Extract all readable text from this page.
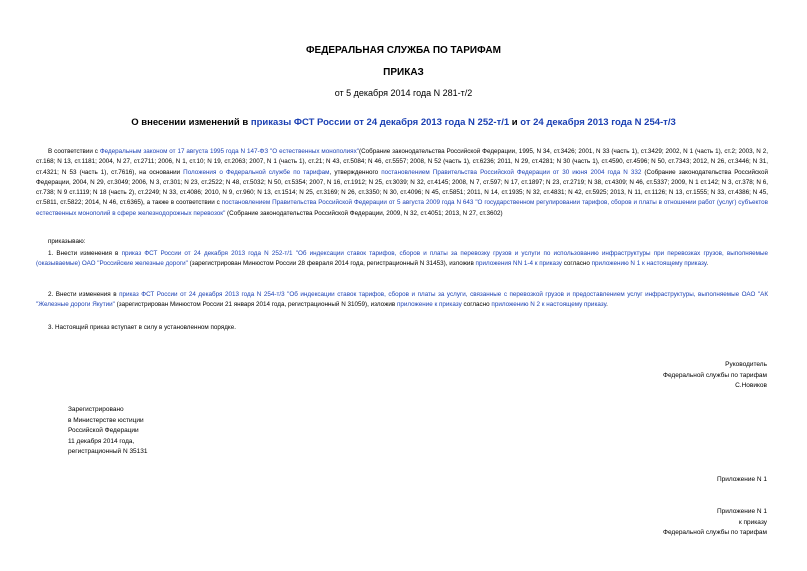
ФЕДЕРАЛЬНАЯ СЛУЖБА ПО ТАРИФАМ
ПРИКАЗ
от 5 декабря 2014 года N 281-т/2
О внесении изменений в приказы ФСТ России от 24 декабря 2013 года N 252-т/1 и от 24 декабря 2013 года N 254-т/3
В соответствии с Федеральным законом от 17 августа 1995 года N 147-ФЗ "О естественных монополиях"(Собрание законодательства Российской Федерации, 1995, N 34, ст.3426; 2001, N 33 (часть 1), ст.3429; 2002, N 1 (часть 1), ст.2; 2003, N 2, ст.168; N 13, ст.1181; 2004, N 27, ст.2711; 2006, N 1, ст.10; N 19, ст.2063; 2007, N 1 (часть 1), ст.21; N 43, ст.5084; N 46, ст.5557; 2008, N 52 (часть 1), ст.6236; 2011, N 29, ст.4281; N 30 (часть 1), ст.4590, ст.4596; N 50, ст.7343; 2012, N 26, ст.3446; N 31, ст.4321; N 53 (часть 1), ст.7616), на основании Положения о Федеральной службе по тарифам, утвержденного постановлением Правительства Российской Федерации от 30 июня 2004 года N 332 (Собрание законодательства Российской Федерации, 2004, N 29, ст.3049; 2006, N 3, ст.301; N 23, ст.2522; N 48, ст.5032; N 50, ст.5354; 2007, N 16, ст.1912; N 25, ст.3039; N 32, ст.4145; 2008, N 7, ст.597; N 17, ст.1897; N 23, ст.2719; N 38, ст.4309; N 46, ст.5337; 2009, N 1 ст.142; N 3, ст.378; N 6, ст.738; N 9 ст.1119; N 18 (часть 2), ст.2249; N 33, ст.4086; 2010, N 9, ст.960; N 13, ст.1514; N 25, ст.3169; N 26, ст.3350; N 30, ст.4096; N 45, ст.5851; 2011, N 14, ст.1935; N 32, ст.4831; N 42, ст.5925; 2013, N 11, ст.1126; N 13, ст.1555; N 33, ст.4386; N 45, ст.5811, ст.5822; 2014, N 46, ст.6365), а также в соответствии с постановлением Правительства Российской Федерации от 5 августа 2009 года N 643 "О государственном регулировании тарифов, сборов и платы в отношении работ (услуг) субъектов естественных монополий в сфере железнодорожных перевозок" (Собрание законодательства Российской Федерации, 2009, N 32, ст.4051; 2013, N 27, ст.3602)
приказываю:
1. Внести изменения в приказ ФСТ России от 24 декабря 2013 года N 252-т/1 "Об индексации ставок тарифов, сборов и платы за перевозку грузов и услуги по использованию инфраструктуры при перевозках грузов, выполняемые (оказываемые) ОАО "Российские железные дороги" (зарегистрирован Минюстом России 28 февраля 2014 года, регистрационный N 31453), изложив приложения NN 1-4 к приказу согласно приложению N 1 к настоящему приказу.
2. Внести изменения в приказ ФСТ России от 24 декабря 2013 года N 254-т/3 "Об индексации ставок тарифов, сборов и платы за услуги, связанные с перевозкой грузов и предоставлением услуг инфраструктуры, выполняемые ОАО "АК "Железные дороги Якутии" (зарегистрирован Минюстом России 21 января 2014 года, регистрационный N 31059), изложив приложение к приказу согласно приложению N 2 к настоящему приказу.
3. Настоящий приказ вступает в силу в установленном порядке.
Руководитель
Федеральной службы по тарифам
С.Новиков
Зарегистрировано
в Министерстве юстиции
Российской Федерации
11 декабря 2014 года,
регистрационный N 35131
Приложение N 1
Приложение N 1
к приказу
Федеральной службы по тарифам
